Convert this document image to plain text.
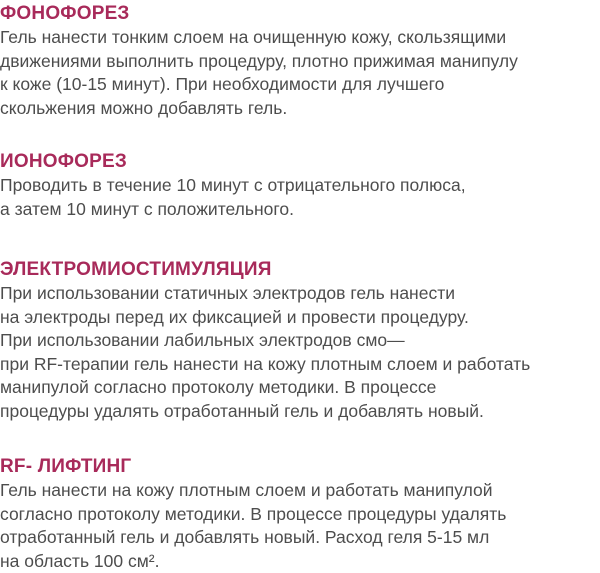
ФОНОФОРЕЗ
Гель нанести тонким слоем на очищенную кожу, скользящими
движениями выполнить процедуру, плотно прижимая манипулу
к коже (10-15 минут). При необходимости для лучшего
скольжения можно добавлять гель.
ИОНОФОРЕЗ
Проводить в течение 10 минут с отрицательного полюса,
а затем 10 минут с положительного.
ЭЛЕКТРОМИОСТИМУЛЯЦИЯ
При использовании статичных электродов гель нанести
на электроды перед их фиксацией и провести процедуру.
При использовании лабильных электродов смо—
при RF-терапии гель нанести на кожу плотным слоем и работать
манипулой согласно протоколу методики. В процессе
процедуры удалять отработанный гель и добавлять новый.
RF- ЛИФТИНГ
Гель нанести на кожу плотным слоем и работать манипулой
согласно протоколу методики. В процессе процедуры удалять
отработанный гель и добавлять новый. Расход геля 5-15 мл
на область 100 см².
